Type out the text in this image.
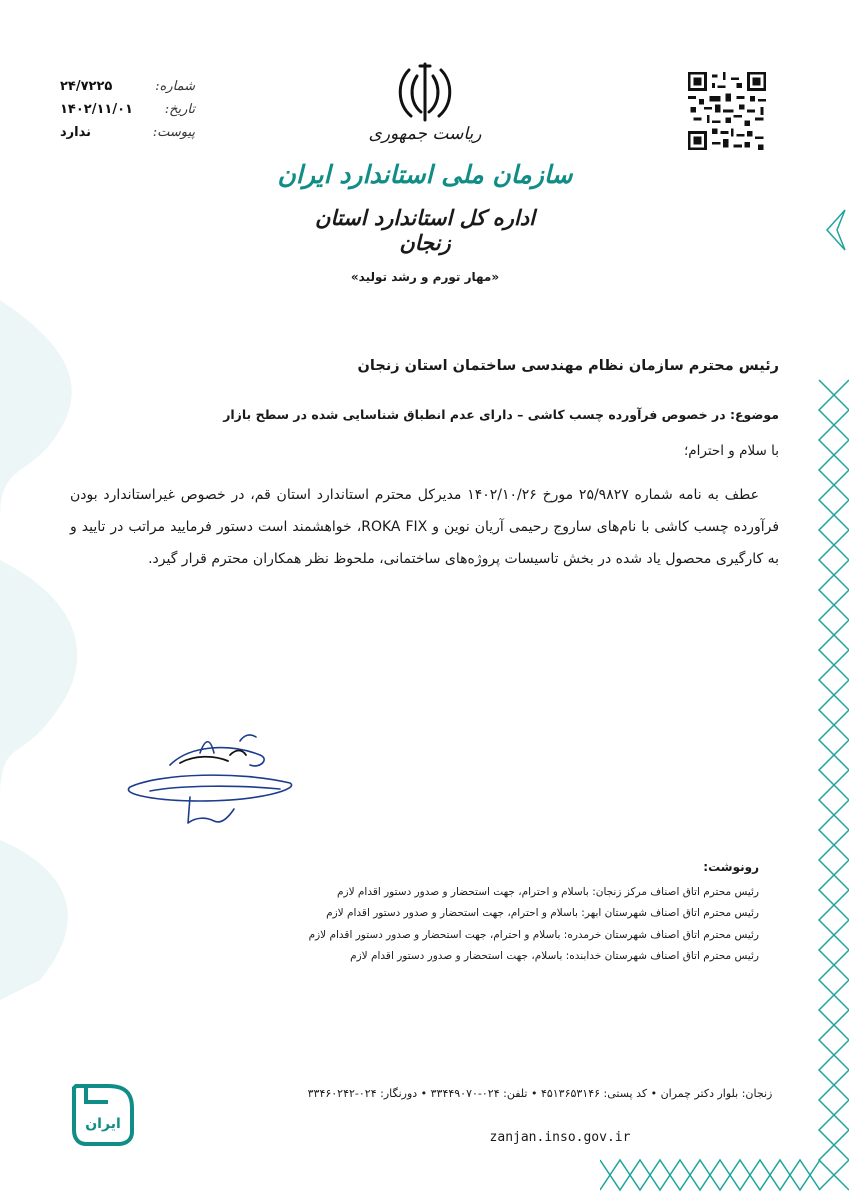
شماره:
۲۴/۷۲۲۵
تاریخ:
۱۴۰۲/۱۱/۰۱
پیوست:
ندارد	ریاست جمهوری
سازمان ملی استاندارد ایران
اداره کل استاندارد استان زنجان
«مهار تورم و رشد تولید»
رئیس محترم سازمان نظام مهندسی ساختمان استان زنجان
موضوع: در خصوص فرآورده چسب کاشی – دارای عدم انطباق شناسایی شده در سطح بازار
با سلام و احترام؛
عطف به نامه شماره ۲۵/۹۸۲۷ مورخ ۱۴۰۲/۱۰/۲۶ مدیرکل محترم استاندارد استان قم، در خصوص غیراستاندارد بودن فرآورده چسب کاشی با نام‌های ساروج رحیمی آریان نوین و ROKA FIX، خواهشمند است دستور فرمایید مراتب در تایید و به کارگیری محصول یاد شده در بخش تاسیسات پروژه‌های ساختمانی، ملحوظ نظر همکاران محترم قرار گیرد.
رونوشت:
رئیس محترم اتاق اصناف مرکز زنجان: باسلام و احترام، جهت استحضار و صدور دستور اقدام لازم
رئیس محترم اتاق اصناف شهرستان ابهر: باسلام و احترام، جهت استحضار و صدور دستور اقدام لازم
رئیس محترم اتاق اصناف شهرستان خرمدره: باسلام و احترام، جهت استحضار و صدور دستور اقدام لازم
رئیس محترم اتاق اصناف شهرستان خدابنده: باسلام، جهت استحضار و صدور دستور اقدام لازم
زنجان: بلوار دکتر چمران • کد پستی: ۴۵۱۳۶۵۳۱۴۶ • تلفن: ۰۲۴-۳۳۴۴۹۰۷۰ • دورنگار: ۰۲۴-۳۳۴۶۰۲۴۲
zanjan.inso.gov.ir
ایران
